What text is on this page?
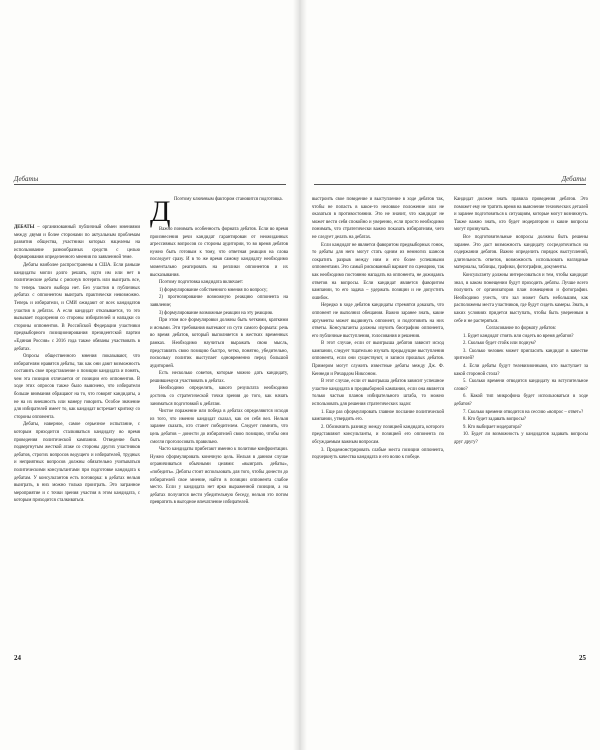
Дебаты

ДЕБАТЫ – организованный публичный обмен мнениями между двумя и более сторонами по актуальным проблемам развития общества, участники которых нацелены на использование разнообразных средств с целью формирования определенного мнения по заявленной теме.

Дебаты наиболее распространены в США. Если раньше кандидаты могли долго решать, идти им или нет в политические дебаты с рискнув потерять или выиграть все, то теперь такого выбора нет. Без участия в публичных дебатах с оппонентом выиграть практически невозможно. Теперь и избиратели, и СМИ ожидают от всех кандидатов участия в дебатах. А если кандидат отказывается, то это вызывает подозрения со стороны избирателей и нападки со стороны оппонентов. В Российской Федерации участники предвыборного позиционирования президентской партии «Единая Россия» с 2016 года также обязаны участвовать в дебатах.

Опросы общественного мнения показывают, что избирателям нравятся дебаты, так как они дают возможность составить свое представление о позиции кандидата и понять, чем эта позиция отличается от позиции его оппонентов. В ходе этих опросов также было выяснено, что избиратели больше внимания обращают на то, что говорят кандидаты, а не на их внешность или манеру говорить. Особое значение для избирателей имеет то, как кандидат встречает критику со стороны оппонента.

Дебаты, наверное, самое серьезное испытание, с которым приходится сталкиваться кандидату во время проведения политической кампании. Отведение быть подвергнутым жесткой атаке со стороны других участников дебатов, строгих вопросов ведущего и избирателей, трудных и неприятных вопросов должны обязательно учитываться политическими консультантами при подготовке кандидата к дебатам. У консультантов есть поговорка: в дебатах нельзя выиграть, в них можно только проиграть. Это загранное мероприятие и с точки зрения участия в этом кандидата, с которым приходится сталкиваться.

Д Поэтому ключевым фактором становится подготовка.

Важно понимать особенность формата дебатов. Если во время произнесения речи кандидат гарантирован от неожиданных агрессивных вопросов со стороны аудитории, то во время дебатов нужно быть готовым к тому, что ответная реакция на слова последует сразу. И в то же время самому кандидату необходимо моментально реагировать на реплики оппонентов и их высказывания.

Поэтому подготовка кандидата включает:

1) формулирование собственного мнения по вопросу;

2) прогнозирование возможную реакцию оппонента на заявление;

3) формулирование возможные реакции на эту реакцию.

При этом все формулировки должны быть четкими, краткими и ясными. Эти требования вытекают из сути самого формата: речь во время дебатов, который выполняется в жестких временных рамках. Необходимо научиться выражать свою мысль, представлять свою позицию быстро, четко, понятно, убедительно, поскольку политик выступает одновременно перед большой аудиторией.

Есть несколько советов, которые можно дать кандидату, решившемуся участвовать в дебатах.

Необходимо определить, какого результата необходимо достичь со стратегической точки зрения до того, как начать заниматься подготовкой к дебатам.

Чистое поражение или победа в дебатах определяются исходя из того, что именно кандидат сказал, как он себя вел. Нельзя заранее сказать, кто станет победителем. Следует помнить, что цель дебатов – донести до избирателей свою позицию, чтобы они смогли проголосовать правильно.

Часто кандидаты прибегают именно к политике конфронтации. Нужно сформулировать конечную цель. Нельзя в данном случае ограничиваться обычными целями: «выиграть дебаты», «победить». Дебаты стоит использовать для того, чтобы донести до избирателей свое мнение, найти в позиции оппонента слабое место. Если у кандидата нет ярко выраженной позиции, а на дебатах получится вести убедительную беседу, нельзя это потом превратить в выгодное впечатление избирателей.

24
Дебаты

выстроить свое поведение и выступление в ходе дебатов так, чтобы не попасть в какое-то неловкое положение или не оказаться в противостоянии. Это не значит, что кандидат не может вести себя спокойно и уверенно, если просто необходимо понимать, что стратегически важно показать избирателям, чего не следует делать на дебатах.

Если кандидат не является фаворитом предвыборных гонок, то дебаты для него могут стать одним из немногих шансов сократить разрыв между ним и его более успешными оппонентами. Это самый рискованный вариант по сценарию, так как необходимо постоянно нападать на оппонента, не дожидаясь ответов на вопросы. Если кандидат является фаворитом кампании, то его задача – удержать позиции и не допустить ошибок.

Нередко в ходе дебатов кандидаты стремятся доказать, что оппонент не выполнил обещания. Важно заранее знать, какие аргументы может выдвинуть оппонент, и подготовить на них ответы. Консультанты должны изучить биографию оппонента, его публичные выступления, голосования и решения.

В этот случае, если от выигрыша дебатов зависит исход кампании, следует тщательно изучать предыдущие выступления оппонента, если они существуют, и записи прошлых дебатов. Примером могут служить известные дебаты между Дж. Ф. Кеннеди и Ричардом Никсоном.

В этот случае, если от выигрыша дебатов зависит успешное участие кандидата в предвыборной кампании, если она является только частью планов избирательного штаба, то можно использовать для решения стратегических задач:

1. Еще раз сформулировать главное послание политической кампании, утвердить его.

2. Обозначить разницу между позицией кандидата, которого представляют консультанты, и позицией его оппонента по обсуждаемым важным вопросам.

3. Продемонстрировать слабые места позиции оппонента, подчеркнуть качества кандидата и его волю к победе.

Кандидат должен знать правила проведения дебатов. Это поможет ему не тратить время на выяснение технических деталей и заранее подготовиться к ситуациям, которые могут возникнуть. Также важно знать, кто будет модератором и какие вопросы могут прозвучать.

Все подготовительные вопросы должны быть решены заранее. Это даст возможность кандидату сосредоточиться на содержании дебатов. Важно определить порядок выступлений, длительность ответов, возможность использовать наглядные материалы, таблицы, графики, фотографии, документы.

Консультанту должны интересоваться и тем, чтобы кандидат знал, в каком помещении будут проходить дебаты. Лучше всего получить от организаторов план помещения и фотографии. Необходимо учесть, что зал может быть небольшим, как расположены места участников, где будут сидеть камеры. Знать, в каких условиях придется выступать, чтобы быть уверенным в себе и не растеряться.

Согласование по формату дебатов:

1. Будет кандидат стоять или сидеть во время дебатов?

2. Сколько будет стойк или подиум?

3. Сколько человек может пригласить кандидат в качестве зрителей?

4. Если дебаты будут телевизионными, кто выступает за какой стороной стола?

5. Сколько времени отводится кандидату на вступительное слово?

6. Какой тип микрофона будет использоваться в ходе дебатов?

7. Сколько времени отводится на сессию «вопрос – ответ»?

8. Кто будет задавать вопросы?

9. Кто выбирает модератора?

10. Будет ли возможность у кандидатов задавать вопросы друг другу?

25
